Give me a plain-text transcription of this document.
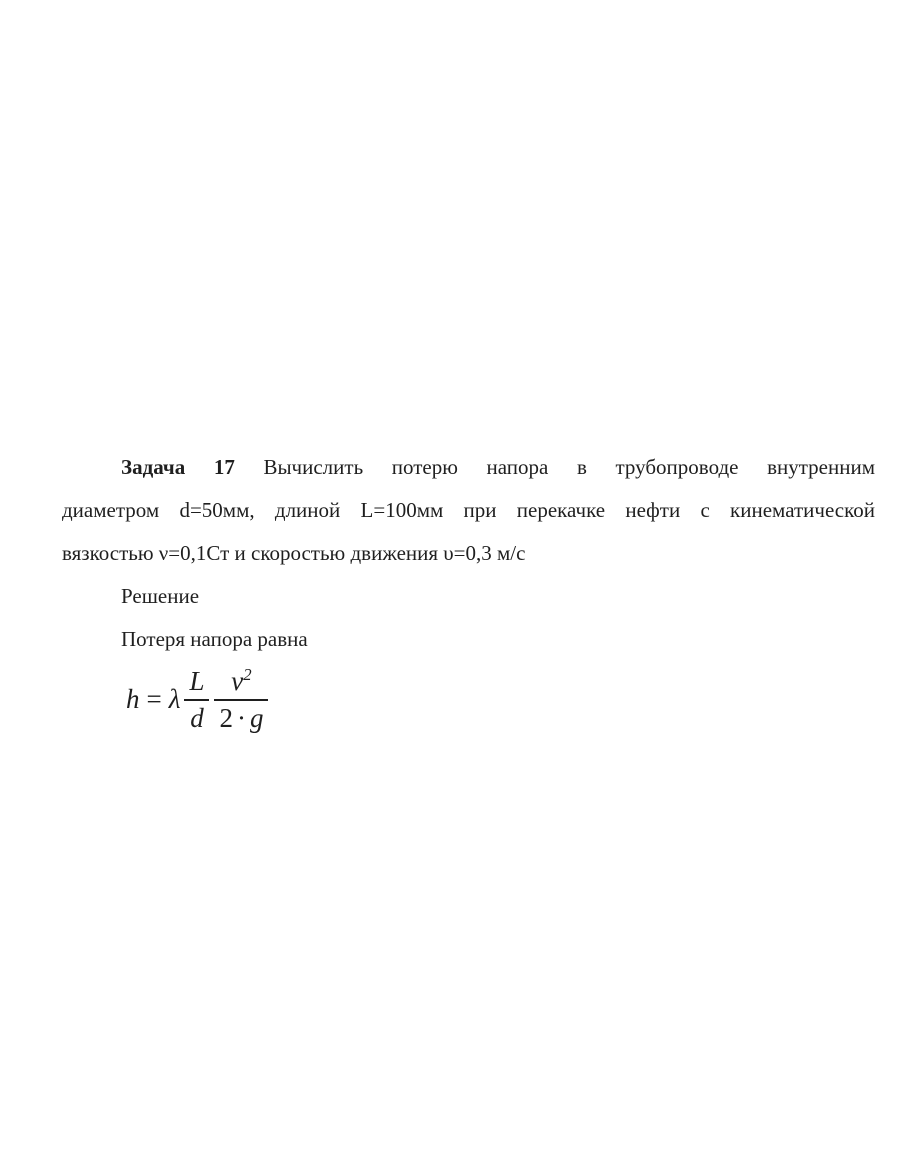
Задача 17 Вычислить потерю напора в трубопроводе внутренним
диаметром d=50мм, длиной L=100мм при перекачке нефти с кинематической
вязкостью ν=0,1Ст и скоростью движения υ=0,3 м/с
Решение
Потеря напора равна
h = λ $\frac{L}{d} \frac{v^2}{2 \cdot g}$
